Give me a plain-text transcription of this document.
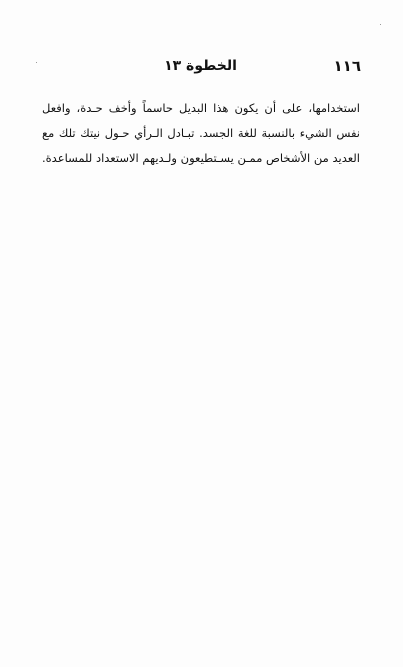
١١٦
الخطوة ١٣

استخدامها، على أن يكون هذا البديل حاسماً وأخف حـدة، وافعل نفس الشيء بالنسبة للغة الجسد. تبـادل الـرأي حـول نيتك تلك مع العديد من الأشخاص ممـن يسـتطيعون ولـديهم الاستعداد للمساعدة.
